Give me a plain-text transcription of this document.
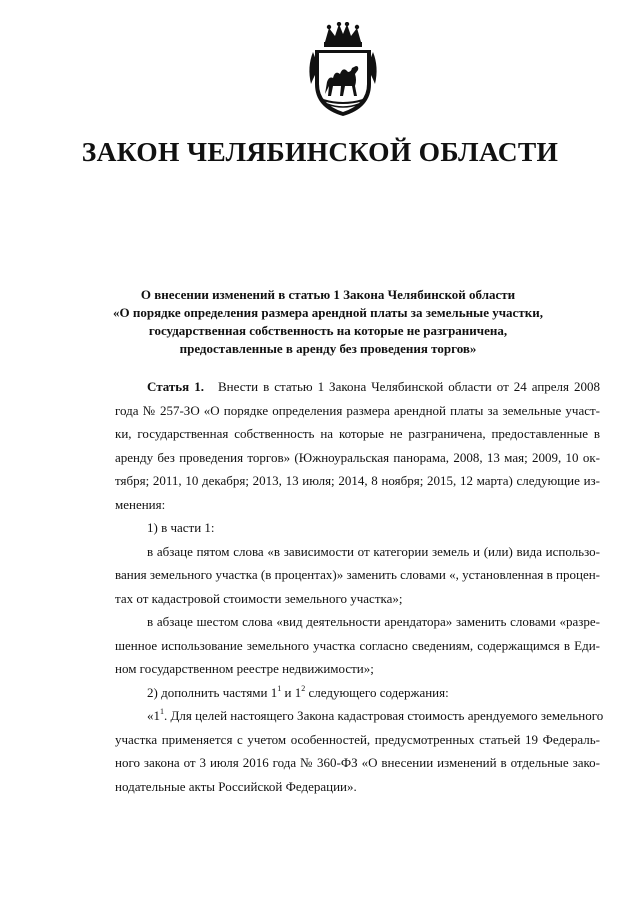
ЗАКОН ЧЕЛЯБИНСКОЙ ОБЛАСТИ

О внесении изменений в статью 1 Закона Челябинской области
«О порядке определения размера арендной платы за земельные участки,
государственная собственность на которые не разграничена,
предоставленные в аренду без проведения торгов»

Статья 1. Внести в статью 1 Закона Челябинской области от 24 апреля 2008
года № 257-ЗО «О порядке определения размера арендной платы за земельные участ-
ки, государственная собственность на которые не разграничена, предоставленные в
аренду без проведения торгов» (Южноуральская панорама, 2008, 13 мая; 2009, 10 ок-
тября; 2011, 10 декабря; 2013, 13 июля; 2014, 8 ноября; 2015, 12 марта) следующие из-
менения:
1) в части 1:
в абзаце пятом слова «в зависимости от категории земель и (или) вида использо-
вания земельного участка (в процентах)» заменить словами «, установленная в процен-
тах от кадастровой стоимости земельного участка»;
в абзаце шестом слова «вид деятельности арендатора» заменить словами «разре-
шенное использование земельного участка согласно сведениям, содержащимся в Еди-
ном государственном реестре недвижимости»;
2) дополнить частями $1^1$ и $1^2$ следующего содержания:
«$1^1$. Для целей настоящего Закона кадастровая стоимость арендуемого земельного
участка применяется с учетом особенностей, предусмотренных статьей 19 Федераль-
ного закона от 3 июля 2016 года № 360-ФЗ «О внесении изменений в отдельные зако-
нодательные акты Российской Федерации».
